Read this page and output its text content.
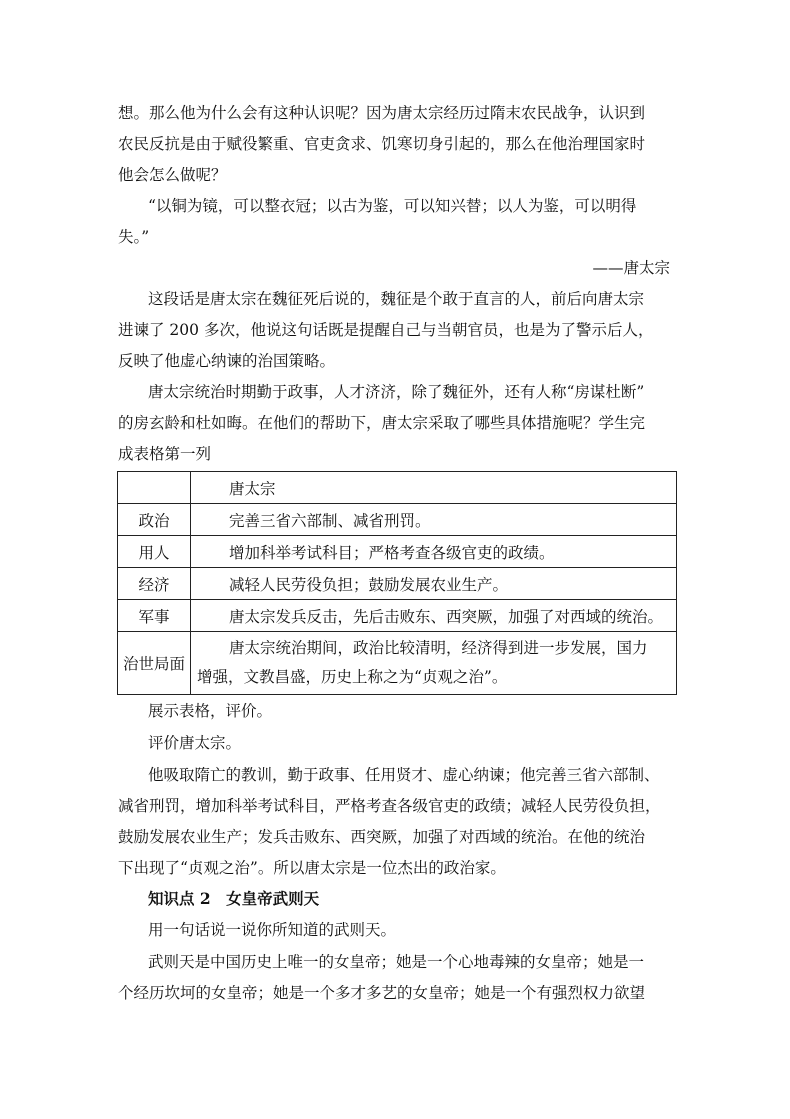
想。那么他为什么会有这种认识呢？因为唐太宗经历过隋末农民战争，认识到
农民反抗是由于赋役繁重、官吏贪求、饥寒切身引起的，那么在他治理国家时
他会怎么做呢？
“以铜为镜，可以整衣冠；以古为鉴，可以知兴替；以人为鉴，可以明得
失。”
——唐太宗
这段话是唐太宗在魏征死后说的，魏征是个敢于直言的人，前后向唐太宗
进谏了 200 多次，他说这句话既是提醒自己与当朝官员，也是为了警示后人，
反映了他虚心纳谏的治国策略。
唐太宗统治时期勤于政事，人才济济，除了魏征外，还有人称“房谋杜断”
的房玄龄和杜如晦。在他们的帮助下，唐太宗采取了哪些具体措施呢？学生完
成表格第一列
	唐太宗
政治	完善三省六部制、减省刑罚。
用人	增加科举考试科目；严格考查各级官吏的政绩。
经济	减轻人民劳役负担；鼓励发展农业生产。
军事	唐太宗发兵反击，先后击败东、西突厥，加强了对西域的统治。
治世局面	唐太宗统治期间，政治比较清明，经济得到进一步发展，国力
增强，文教昌盛，历史上称之为“贞观之治”。
展示表格，评价。
评价唐太宗。
他吸取隋亡的教训，勤于政事、任用贤才、虚心纳谏；他完善三省六部制、
减省刑罚，增加科举考试科目，严格考查各级官吏的政绩；减轻人民劳役负担，
鼓励发展农业生产；发兵击败东、西突厥，加强了对西域的统治。在他的统治
下出现了“贞观之治”。所以唐太宗是一位杰出的政治家。
知识点 2　女皇帝武则天
用一句话说一说你所知道的武则天。
武则天是中国历史上唯一的女皇帝；她是一个心地毒辣的女皇帝；她是一
个经历坎坷的女皇帝；她是一个多才多艺的女皇帝；她是一个有强烈权力欲望
